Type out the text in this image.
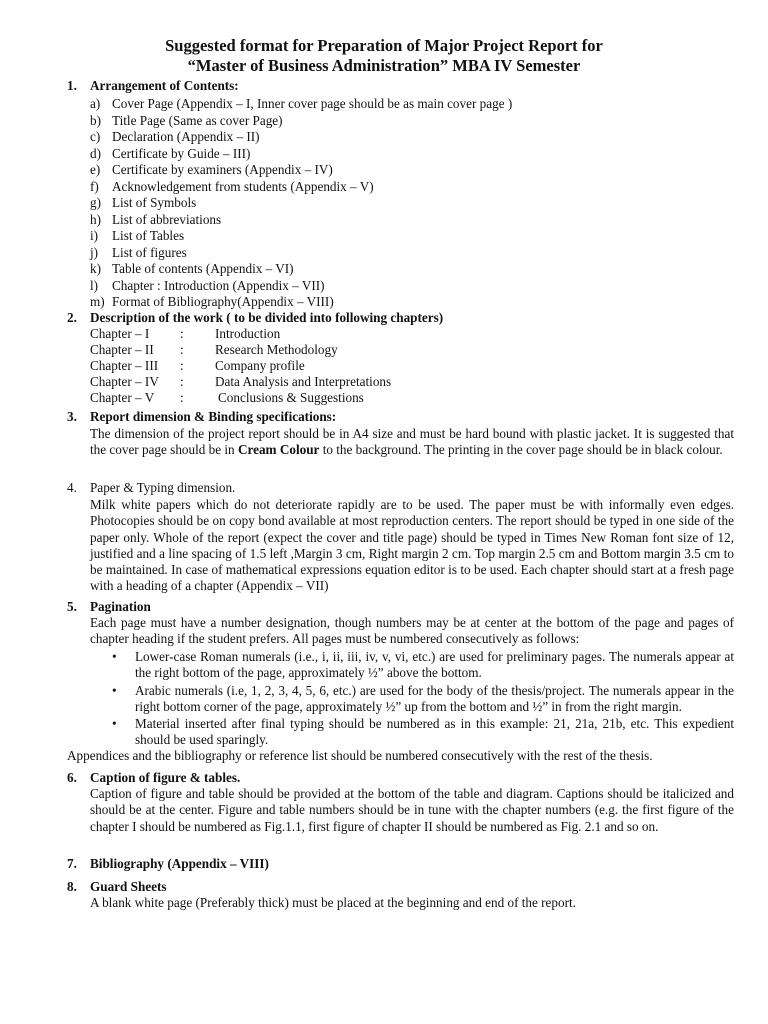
Suggested format for Preparation of Major Project Report for
“Master of Business Administration” MBA IV Semester
1. Arrangement of Contents:
a) Cover Page (Appendix – I, Inner cover page should be as main cover page )
b) Title Page (Same as cover Page)
c) Declaration (Appendix – II)
d) Certificate by Guide – III)
e) Certificate by examiners (Appendix – IV)
f) Acknowledgement from students (Appendix – V)
g) List of Symbols
h) List of abbreviations
i) List of Tables
j) List of figures
k) Table of contents (Appendix – VI)
l) Chapter : Introduction (Appendix – VII)
m) Format of Bibliography(Appendix – VIII)
2. Description of the work ( to be divided into following chapters)
Chapter – I : Introduction
Chapter – II : Research Methodology
Chapter – III : Company profile
Chapter – IV : Data Analysis and Interpretations
Chapter – V :	Conclusions & Suggestions
3. Report dimension & Binding specifications:
The dimension of the project report should be in A4 size and must be hard bound with plastic jacket. It is suggested that the cover page should be in Cream Colour to the background. The printing in the cover page should be in black colour.
4. Paper & Typing dimension.
Milk white papers which do not deteriorate rapidly are to be used. The paper must be with informally even edges. Photocopies should be on copy bond available at most reproduction centers. The report should be typed in one side of the paper only. Whole of the report (expect the cover and title page) should be typed in Times New Roman font size of 12, justified and a line spacing of 1.5 left ,Margin 3 cm, Right margin 2 cm. Top margin 2.5 cm and Bottom margin 3.5 cm to be maintained. In case of mathematical expressions equation editor is to be used. Each chapter should start at a fresh page with a heading of a chapter (Appendix – VII)
5. Pagination
Each page must have a number designation, though numbers may be at center at the bottom of the page and pages of chapter heading if the student prefers. All pages must be numbered consecutively as follows:
• Lower-case Roman numerals (i.e., i, ii, iii, iv, v, vi, etc.) are used for preliminary pages. The numerals appear at the right bottom of the page, approximately ½” above the bottom.
• Arabic numerals (i.e, 1, 2, 3, 4, 5, 6, etc.) are used for the body of the thesis/project. The numerals appear in the right bottom corner of the page, approximately ½” up from the bottom and ½” in from the right margin.
• Material inserted after final typing should be numbered as in this example: 21, 21a, 21b, etc. This expedient should be used sparingly.
Appendices and the bibliography or reference list should be numbered consecutively with the rest of the thesis.
6. Caption of figure & tables.
Caption of figure and table should be provided at the bottom of the table and diagram. Captions should be italicized and should be at the center. Figure and table numbers should be in tune with the chapter numbers (e.g. the first figure of the chapter I should be numbered as Fig.1.1, first figure of chapter II should be numbered as Fig. 2.1 and so on.
7. Bibliography (Appendix – VIII)
8. Guard Sheets
A blank white page (Preferably thick) must be placed at the beginning and end of the report.
